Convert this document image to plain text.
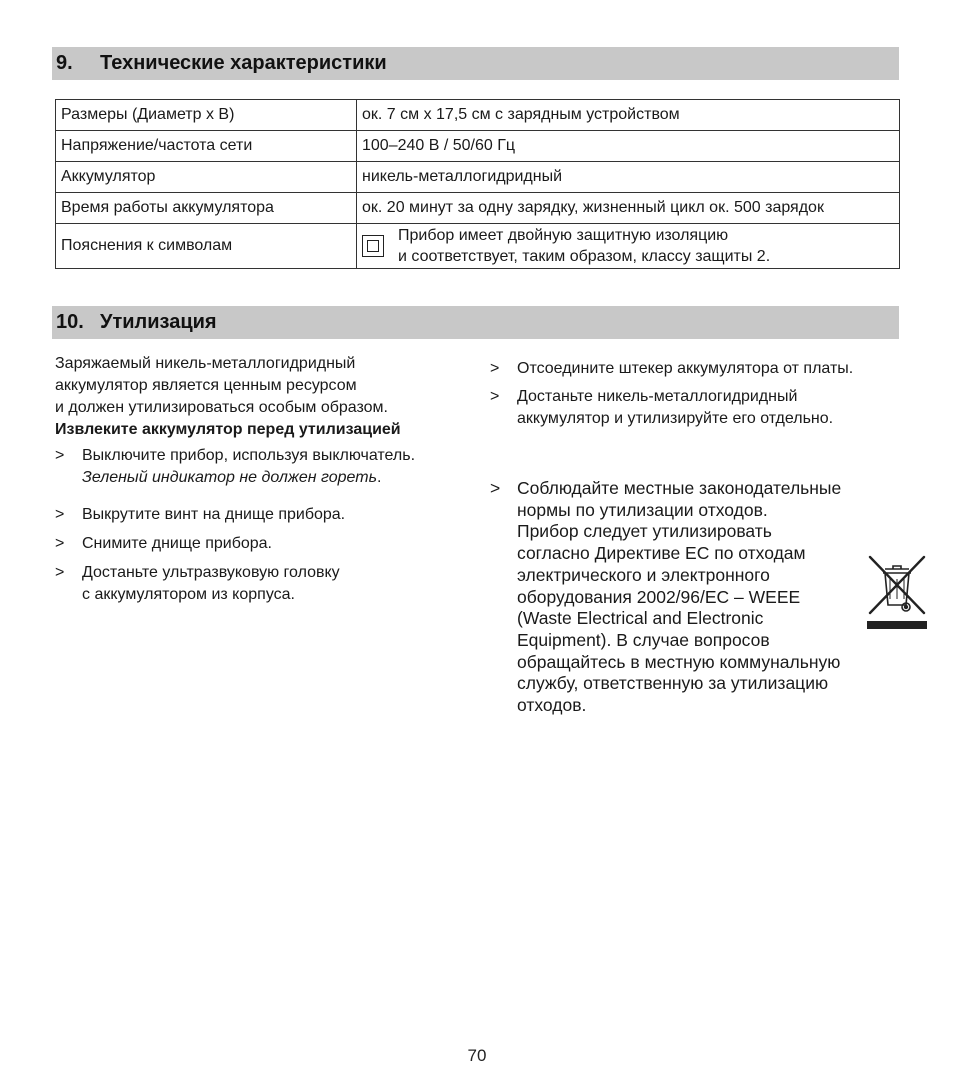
9.	Технические характеристики
Размеры (Диаметр x В)	ок. 7 см x 17,5 см с зарядным устройством
Напряжение/частота сети	100–240 В / 50/60 Гц
Аккумулятор	никель-металлогидридный
Время работы аккумулятора	ок. 20 минут за одну зарядку, жизненный цикл ок. 500 зарядок
Пояснения к символам	Прибор имеет двойную защитную изоляцию
и соответствует, таким образом, классу защиты 2.
10. Утилизация

Заряжаемый никель-металлогидридный

аккумулятор является ценным ресурсом

и должен утилизироваться особым образом.

Извлеките аккумулятор перед утилизацией

>	Выключите прибор, используя выключатель.
Зеленый индикатор не должен гореть.
>	Выкрутите винт на днище прибора.
>	Снимите днище прибора.
>	Достаньте ультразвуковую головку
с аккумулятором из корпуса.
>	Отсоедините штекер аккумулятора от платы.
>	Достаньте никель-металлогидридный
аккумулятор и утилизируйте его отдельно.
> Соблюдайте местные законодательные
нормы по утилизации отходов.
Прибор следует утилизировать
согласно Директиве ЕС по отходам
электрического и электронного
оборудования 2002/96/EC – WEEE
(Waste Electrical and Electronic
Equipment). В случае вопросов
обращайтесь в местную коммунальную
службу, ответственную за утилизацию
отходов.
70
